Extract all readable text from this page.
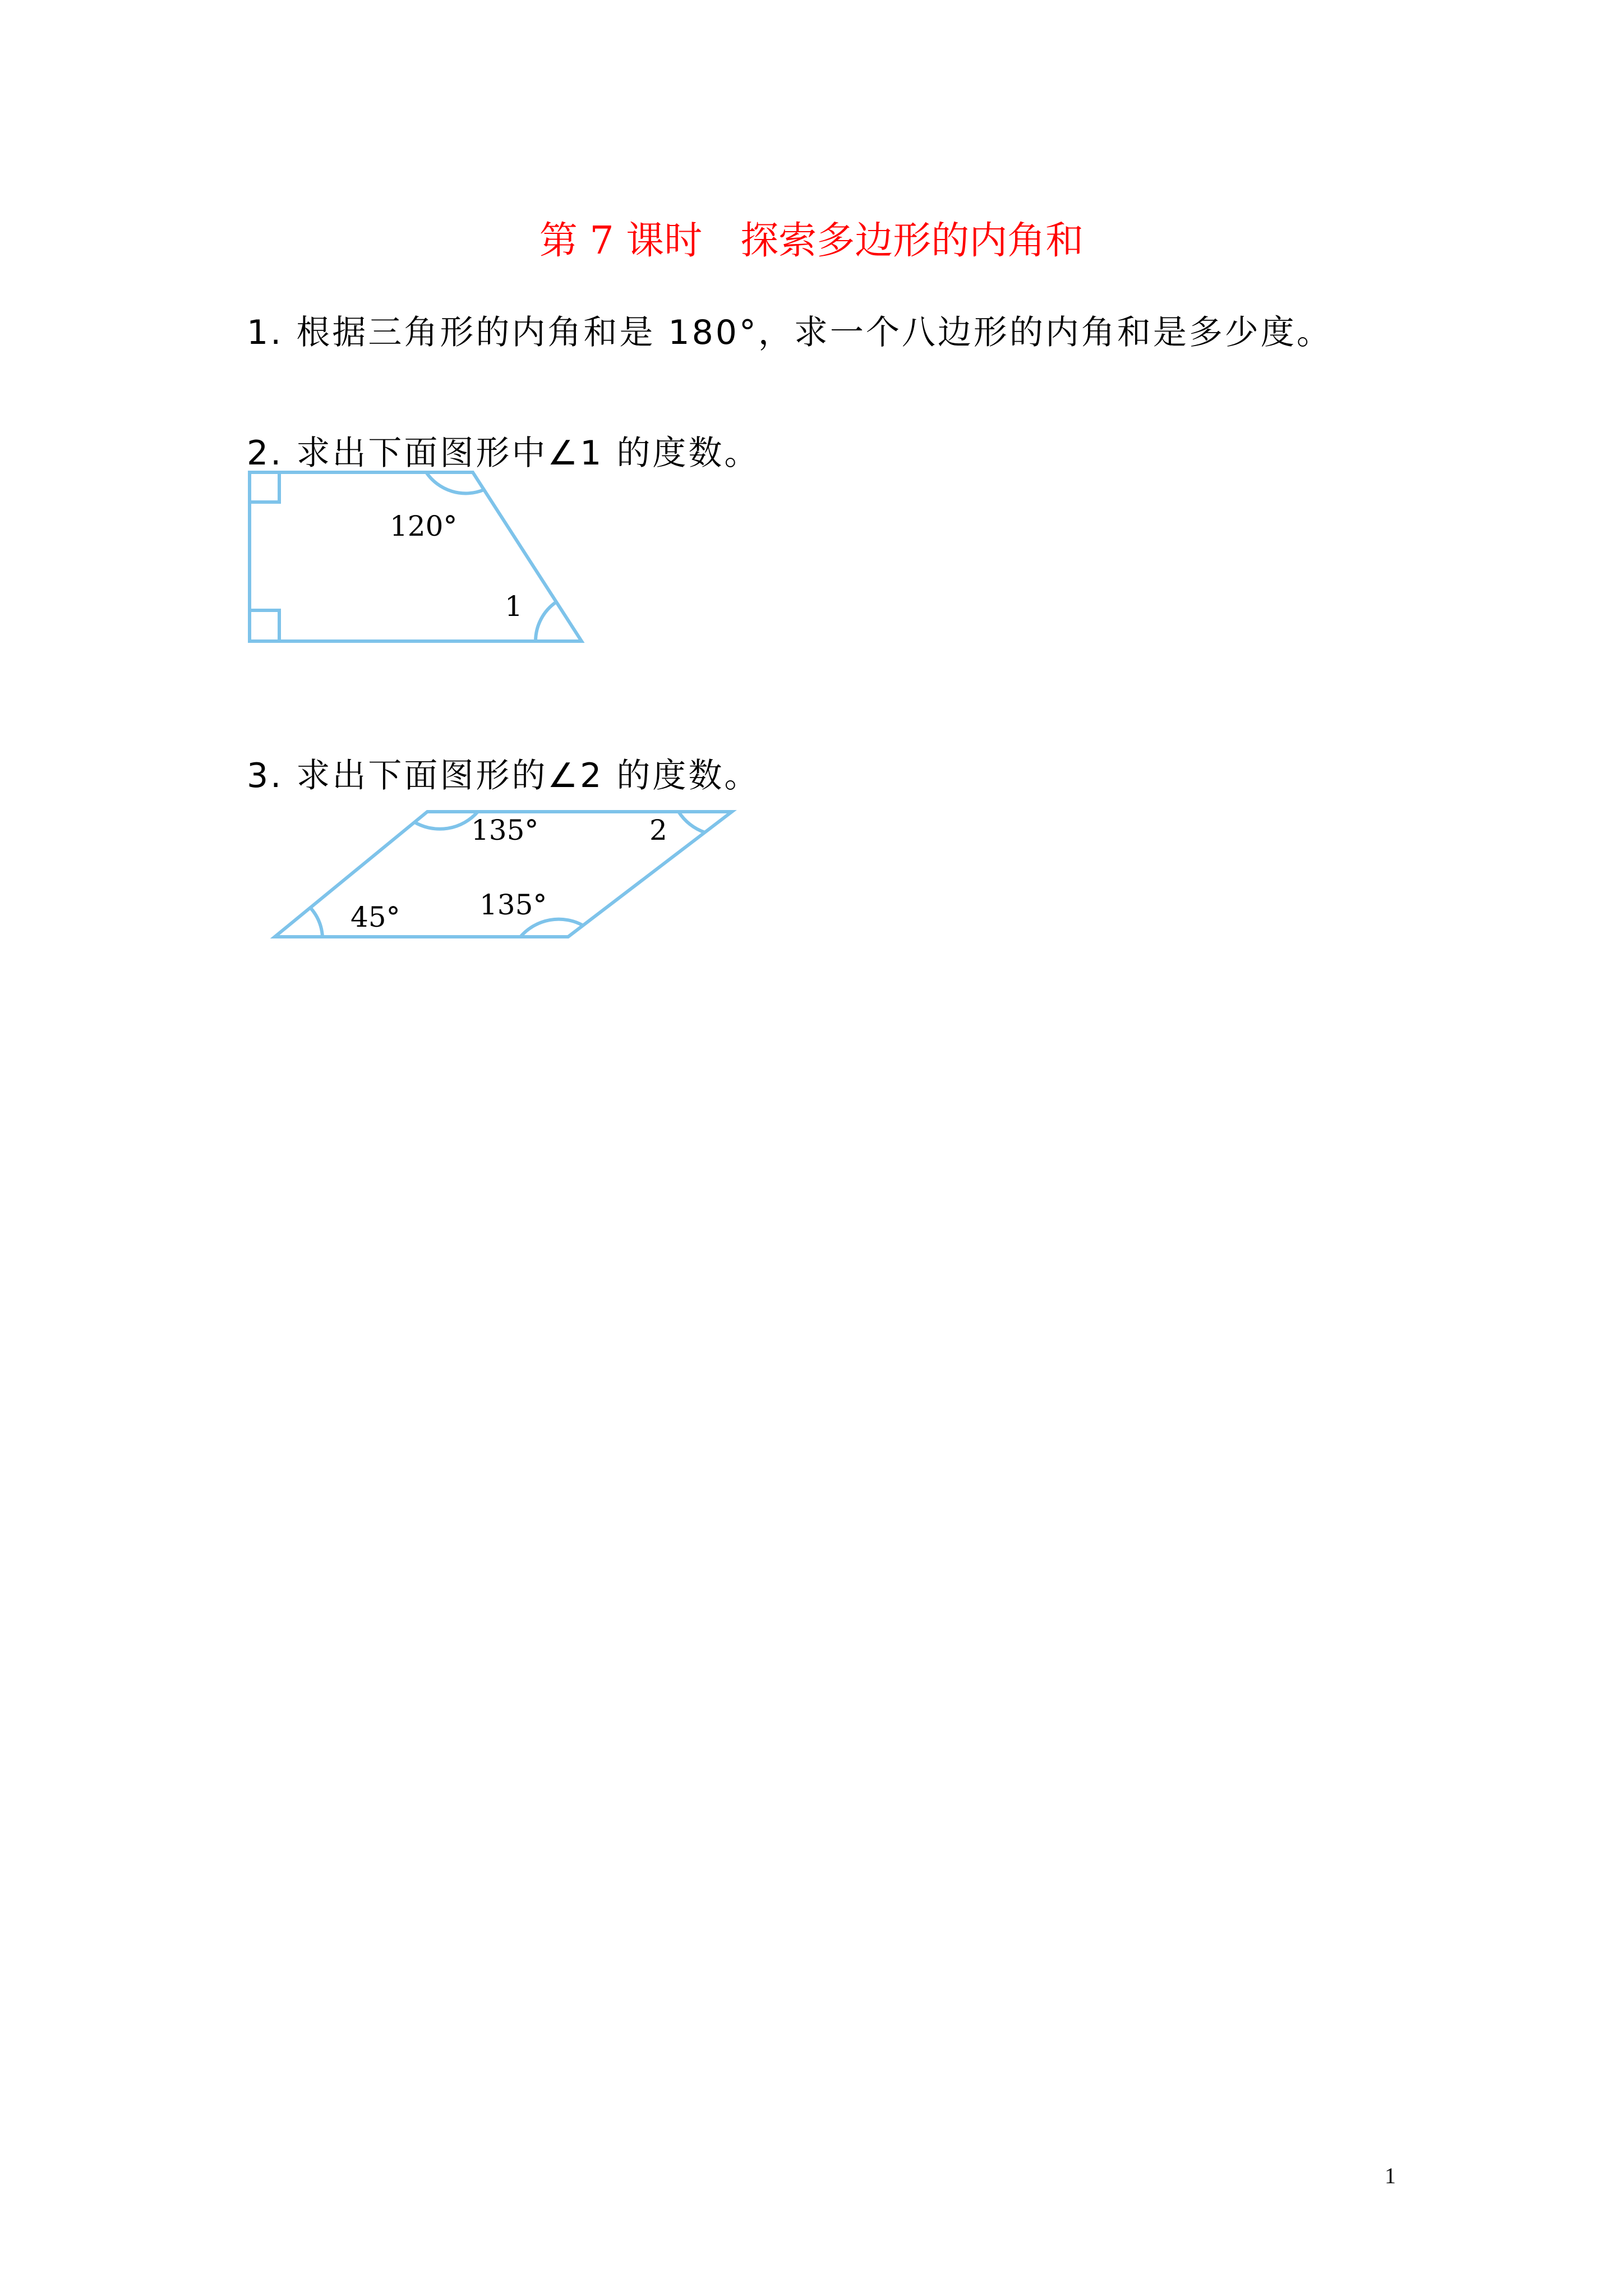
第 7 课时　探索多边形的内角和
1. 根据三角形的内角和是 180°，求一个八边形的内角和是多少度。
2. 求出下面图形中∠1 的度数。
3. 求出下面图形的∠2 的度数。
120°
1
135°	2
45°	135°
1
